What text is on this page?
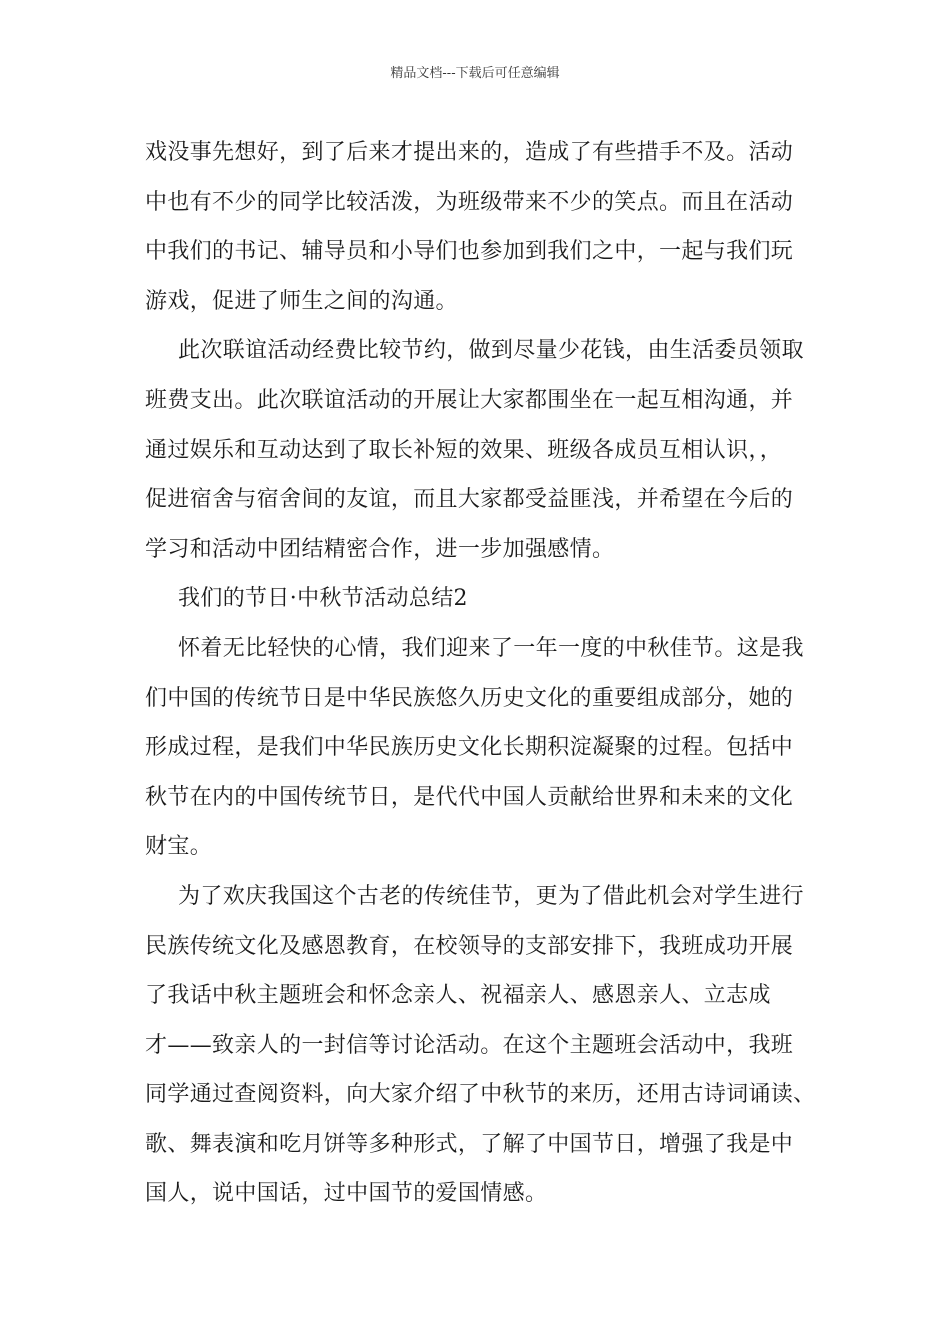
精品文档---下载后可任意编辑
戏没事先想好，到了后来才提出来的，造成了有些措手不及。活动
中也有不少的同学比较活泼，为班级带来不少的笑点。而且在活动
中我们的书记、辅导员和小导们也参加到我们之中，一起与我们玩
游戏，促进了师生之间的沟通。
此次联谊活动经费比较节约，做到尽量少花钱，由生活委员领取
班费支出。此次联谊活动的开展让大家都围坐在一起互相沟通，并
通过娱乐和互动达到了取长补短的效果、班级各成员互相认识，，
促进宿舍与宿舍间的友谊，而且大家都受益匪浅，并希望在今后的
学习和活动中团结精密合作，进一步加强感情。
我们的节日·中秋节活动总结2
怀着无比轻快的心情，我们迎来了一年一度的中秋佳节。这是我
们中国的传统节日是中华民族悠久历史文化的重要组成部分，她的
形成过程，是我们中华民族历史文化长期积淀凝聚的过程。包括中
秋节在内的中国传统节日，是代代中国人贡献给世界和未来的文化
财宝。
为了欢庆我国这个古老的传统佳节，更为了借此机会对学生进行
民族传统文化及感恩教育，在校领导的支部安排下，我班成功开展
了我话中秋主题班会和怀念亲人、祝福亲人、感恩亲人、立志成
才——致亲人的一封信等讨论活动。在这个主题班会活动中，我班
同学通过查阅资料，向大家介绍了中秋节的来历，还用古诗词诵读、
歌、舞表演和吃月饼等多种形式，了解了中国节日，增强了我是中
国人，说中国话，过中国节的爱国情感。
